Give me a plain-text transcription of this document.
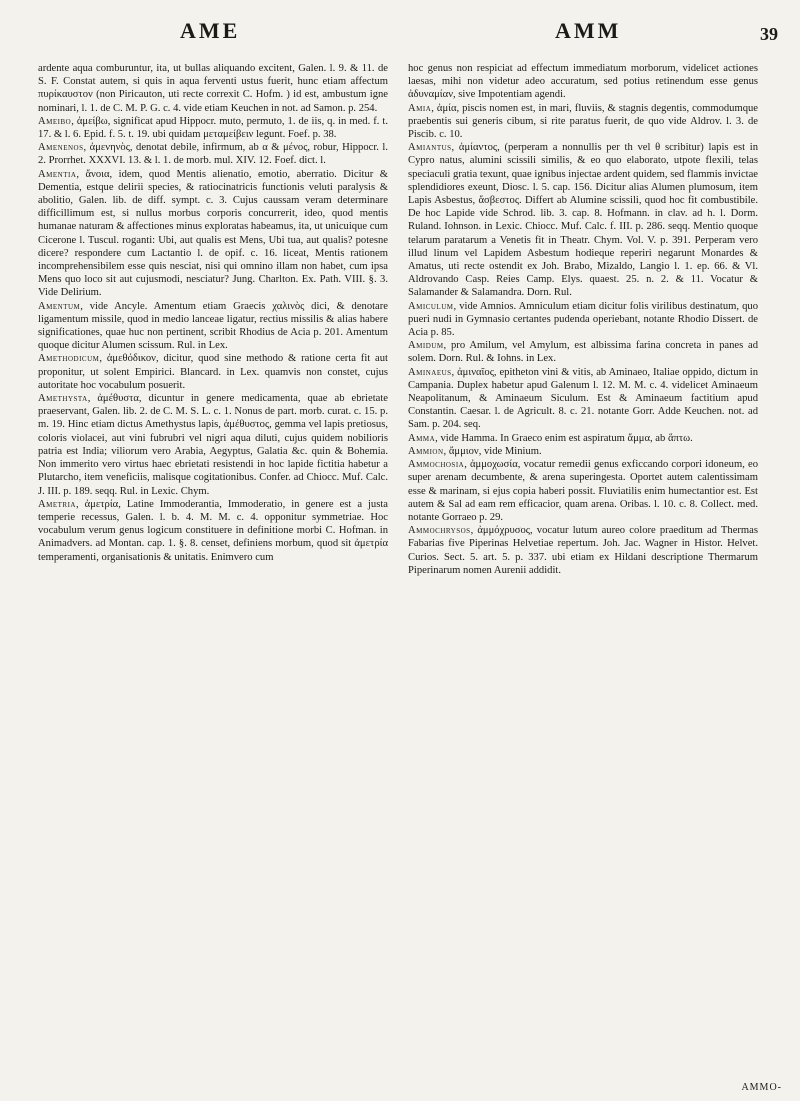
AME	AMM	39

ardente aqua comburuntur, ita, ut bullas aliquando excitent, Galen. l. 9. & 11. de S. F. Constat autem, si quis in aqua ferventi ustus fuerit, hunc etiam affectum πυρίκαυστον (non Piricauton, uti recte correxit C. Hofm. ) id est, ambustum igne nominari, l. 1. de C. M. P. G. c. 4. vide etiam Keuchen in not. ad Samon. p. 254.

Ameibo, ἀμείβω, significat apud Hippocr. muto, permuto, 1. de iis, q. in med. f. t. 17. & l. 6. Epid. f. 5. t. 19. ubi quidam μεταμείβειν legunt. Foef. p. 38.

Amenenos, ἀμενηνὸς, denotat debile, infirmum, ab α & μένος, robur, Hippocr. l. 2. Prorrhet. XXXVI. 13. & l. 1. de morb. mul. XIV. 12. Foef. dict. l.

Amentia, ἄνοια, idem, quod Mentis alienatio, emotio, aberratio. Dicitur & Dementia, estque delirii species, & ratiocinatricis functionis veluti paralysis & abolitio, Galen. lib. de diff. sympt. c. 3. Cujus caussam veram determinare difficillimum est, si nullus morbus corporis concurrerit, ideo, quod mentis humanae naturam & affectiones minus exploratas habeamus, ita, ut unicuique cum Cicerone l. Tuscul. roganti: Ubi, aut qualis est Mens, Ubi tua, aut qualis? potesne dicere? respondere cum Lactantio l. de opif. c. 16. liceat, Mentis rationem incomprehensibilem esse quis nesciat, nisi qui omnino illam non habet, cum ipsa Mens quo loco sit aut cujusmodi, nesciatur? Jung. Charlton. Ex. Path. VIII. §. 3. Vide Delirium.

Amentum, vide Ancyle. Amentum etiam Graecis χαλινὸς dici, & denotare ligamentum missile, quod in medio lanceae ligatur, rectius missilis & alias habere significationes, quae huc non pertinent, scribit Rhodius de Acia p. 201. Amentum quoque dicitur Alumen scissum. Rul. in Lex.

Amethodicum, ἀμεθόδικον, dicitur, quod sine methodo & ratione certa fit aut proponitur, ut solent Empirici. Blancard. in Lex. quamvis non constet, cujus autoritate hoc vocabulum posuerit.

Amethysta, ἀμέθυστα, dicuntur in genere medicamenta, quae ab ebrietate praeservant, Galen. lib. 2. de C. M. S. L. c. 1. Nonus de part. morb. curat. c. 15. p. m. 19. Hinc etiam dictus Amethystus lapis, ἀμέθυστος, gemma vel lapis pretiosus, coloris violacei, aut vini fubrubri vel nigri aqua diluti, cujus quidem nobilioris patria est India; viliorum vero Arabia, Aegyptus, Galatia &c. quin & Bohemia. Non immerito vero virtus haec ebrietati resistendi in hoc lapide fictitia habetur a Plutarcho, item veneficiis, malisque cogitationibus. Confer. ad Chiocc. Muf. Calc. J. III. p. 189. seqq. Rul. in Lexic. Chym.

Ametria, ἀμετρία, Latine Immoderantia, Immoderatio, in genere est a justa temperie recessus, Galen. l. b. 4. M. M. c. 4. opponitur symmetriae. Hoc vocabulum verum genus logicum constituere in definitione morbi C. Hofman. in Animadvers. ad Montan. cap. 1. §. 8. censet, definiens morbum, quod sit ἀμετρία temperamenti, organisationis & unitatis. Enimvero cum

hoc genus non respiciat ad effectum immediatum morborum, videlicet actiones laesas, mihi non videtur adeo accuratum, sed potius retinendum esse genus ἀδυναμίαν, sive Impotentiam agendi.

Amia, ἀμία, piscis nomen est, in mari, fluviis, & stagnis degentis, commodumque praebentis sui generis cibum, si rite paratus fuerit, de quo vide Aldrov. l. 3. de Piscib. c. 10.

Amiantus, ἀμίαντος, (perperam a nonnullis per th vel θ scribitur) lapis est in Cypro natus, alumini scissili similis, & eo quo elaborato, utpote flexili, telas speciaculi gratia texunt, quae ignibus injectae ardent quidem, sed flammis invictae splendidiores exeunt, Diosc. l. 5. cap. 156. Dicitur alias Alumen plumosum, item Lapis Asbestus, ἄσβεστος. Differt ab Alumine scissili, quod hoc fit combustibile. De hoc Lapide vide Schrod. lib. 3. cap. 8. Hofmann. in clav. ad h. l. Dorm. Ruland. Iohnson. in Lexic. Chiocc. Muf. Calc. f. III. p. 286. seqq. Mentio quoque telarum paratarum a Venetis fit in Theatr. Chym. Vol. V. p. 391. Perperam vero illud linum vel Lapidem Asbestum hodieque reperiri negarunt Monardes & Amatus, uti recte ostendit ex Joh. Brabo, Mizaldo, Langio l. 1. ep. 66. & Vl. Aldrovando Casp. Reies Camp. Elys. quaest. 25. n. 2. & 11. Vocatur & Salamander & Salamandra. Dorn. Rul.

Amiculum, vide Amnios. Amniculum etiam dicitur folis virilibus destinatum, quo pueri nudi in Gymnasio certantes pudenda operiebant, notante Rhodio Dissert. de Acia p. 85.

Amidum, pro Amilum, vel Amylum, est albissima farina concreta in panes ad solem. Dorn. Rul. & Iohns. in Lex.

Aminaeus, ἀμιναῖος, epitheton vini & vitis, ab Aminaeo, Italiae oppido, dictum in Campania. Duplex habetur apud Galenum l. 12. M. M. c. 4. videlicet Aminaeum Neapolitanum, & Aminaeum Siculum. Est & Aminaeum factitium apud Constantin. Caesar. l. de Agricult. 8. c. 21. notante Gorr. Adde Keuchen. not. ad Sam. p. 204. seq.

Amma, vide Hamma. In Graeco enim est aspiratum ἅμμα, ab ἅπτω.

Ammion, ἄμμιον, vide Minium.

Ammochosia, ἀμμοχωσία, vocatur remedii genus exficcando corpori idoneum, eo super arenam decumbente, & arena superingesta. Oportet autem calentissimam esse & marinam, si ejus copia haberi possit. Fluviatilis enim humectantior est. Est autem & Sal ad eam rem efficacior, quam arena. Oribas. l. 10. c. 8. Collect. med. notante Gorraeo p. 29.

Ammochrysos, ἀμμόχρυσος, vocatur lutum aureo colore praeditum ad Thermas Fabarias five Piperinas Helvetiae repertum. Joh. Jac. Wagner in Histor. Helvet. Curios. Sect. 5. art. 5. p. 337. ubi etiam ex Hildani descriptione Thermarum Piperinarum nomen Aurenii addidit.

AMMO-
